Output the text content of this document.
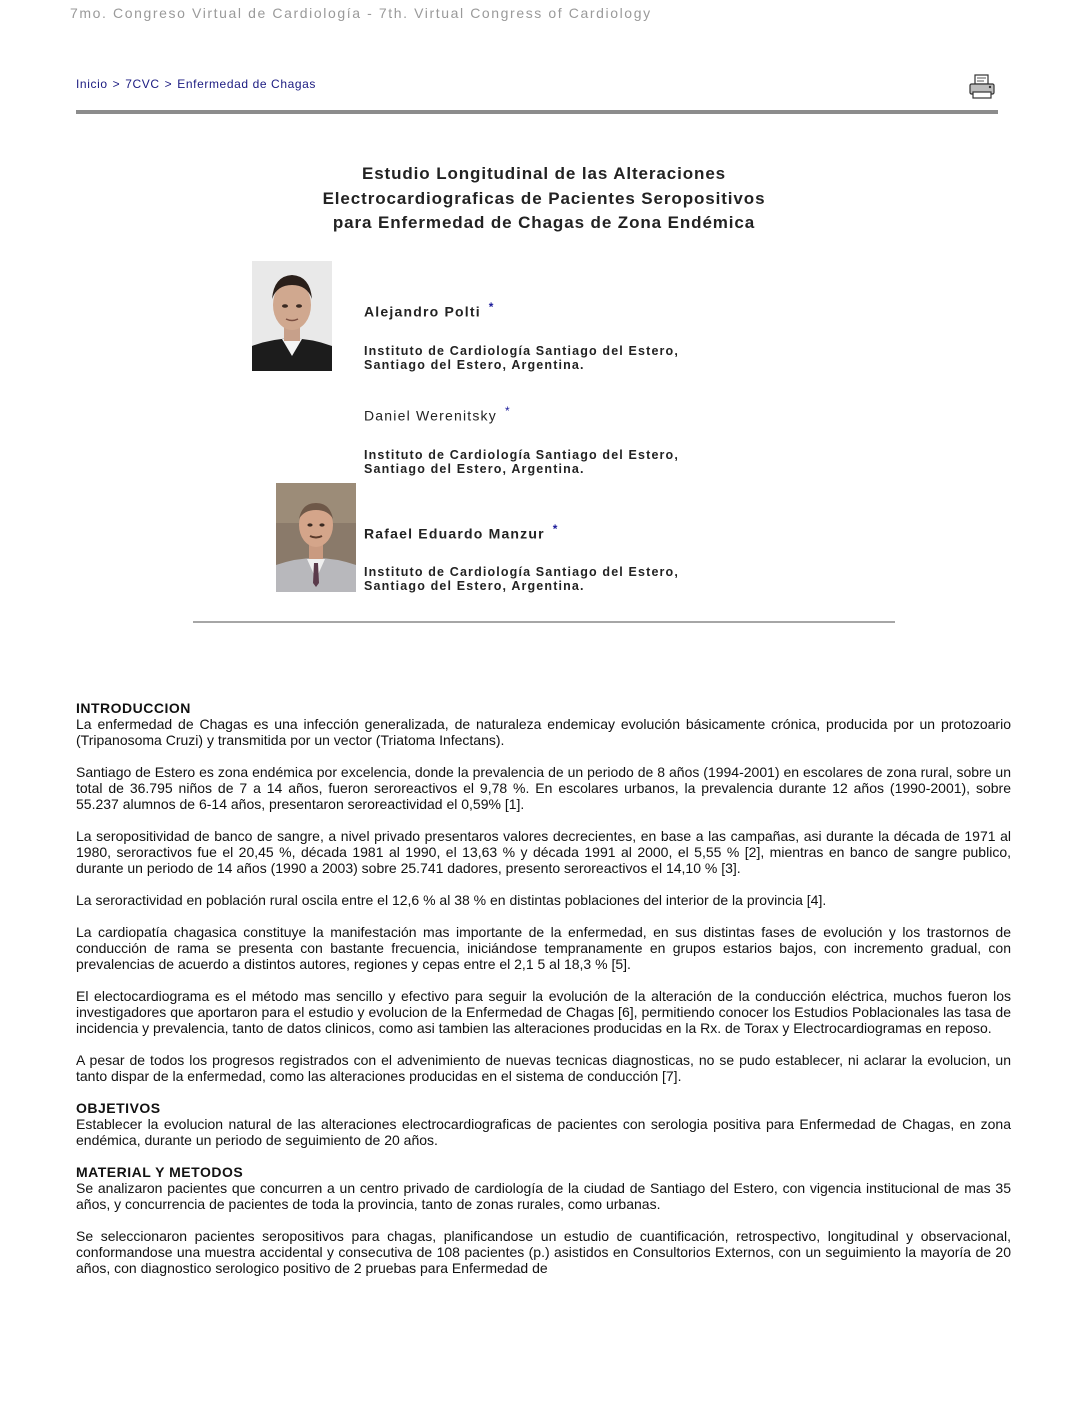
7mo. Congreso Virtual de Cardiología - 7th. Virtual Congress of Cardiology
Inicio > 7CVC > Enfermedad de Chagas
Estudio Longitudinal de las Alteraciones
Electrocardiograficas de Pacientes Seropositivos
para Enfermedad de Chagas de Zona Endémica
Alejandro Polti *
Instituto de Cardiología Santiago del Estero,
Santiago del Estero, Argentina.
Daniel Werenitsky *
Instituto de Cardiología Santiago del Estero,
Santiago del Estero, Argentina.
Rafael Eduardo Manzur *
Instituto de Cardiología Santiago del Estero,
Santiago del Estero, Argentina.
INTRODUCCION

La enfermedad de Chagas es una infección generalizada, de naturaleza endemicay evolución básicamente crónica, producida por un protozoario (Tripanosoma Cruzi) y transmitida por un vector (Triatoma Infectans).

Santiago de Estero es zona endémica por excelencia, donde la prevalencia de un periodo de 8 años (1994-2001) en escolares de zona rural, sobre un total de 36.795 niños de 7 a 14 años, fueron seroreactivos el 9,78 %. En escolares urbanos, la prevalencia durante 12 años (1990-2001), sobre 55.237 alumnos de 6-14 años, presentaron seroreactividad el 0,59% [1].

La seropositividad de banco de sangre, a nivel privado presentaros valores decrecientes, en base a las campañas, asi durante la década de 1971 al 1980, seroractivos fue el 20,45 %, década 1981 al 1990, el 13,63 % y década 1991 al 2000, el 5,55 % [2], mientras en banco de sangre publico, durante un periodo de 14 años (1990 a 2003) sobre 25.741 dadores, presento seroreactivos el 14,10 % [3].

La seroractividad en población rural oscila entre el 12,6 % al 38 % en distintas poblaciones del interior de la provincia [4].

La cardiopatía chagasica constituye la manifestación mas importante de la enfermedad, en sus distintas fases de evolución y los trastornos de conducción de rama se presenta con bastante frecuencia, iniciándose tempranamente en grupos estarios bajos, con incremento gradual, con prevalencias de acuerdo a distintos autores, regiones y cepas entre el 2,1 5 al 18,3 % [5].

El electocardiograma es el método mas sencillo y efectivo para seguir la evolución de la alteración de la conducción eléctrica, muchos fueron los investigadores que aportaron para el estudio y evolucion de la Enfermedad de Chagas [6], permitiendo conocer los Estudios Poblacionales las tasa de incidencia y prevalencia, tanto de datos clinicos, como asi tambien las alteraciones producidas en la Rx. de Torax y Electrocardiogramas en reposo.

A pesar de todos los progresos registrados con el advenimiento de nuevas tecnicas diagnosticas, no se pudo establecer, ni aclarar la evolucion, un tanto dispar de la enfermedad, como las alteraciones producidas en el sistema de conducción [7].

OBJETIVOS

Establecer la evolucion natural de las alteraciones electrocardiograficas de pacientes con serologia positiva para Enfermedad de Chagas, en zona endémica, durante un periodo de seguimiento de 20 años.

MATERIAL Y METODOS

Se analizaron pacientes que concurren a un centro privado de cardiología de la ciudad de Santiago del Estero, con vigencia institucional de mas 35 años, y concurrencia de pacientes de toda la provincia, tanto de zonas rurales, como urbanas.

Se seleccionaron pacientes seropositivos para chagas, planificandose un estudio de cuantificación, retrospectivo, longitudinal y observacional, conformandose una muestra accidental y consecutiva de 108 pacientes (p.) asistidos en Consultorios Externos, con un seguimiento la mayoría de 20 años, con diagnostico serologico positivo de 2 pruebas para Enfermedad de
